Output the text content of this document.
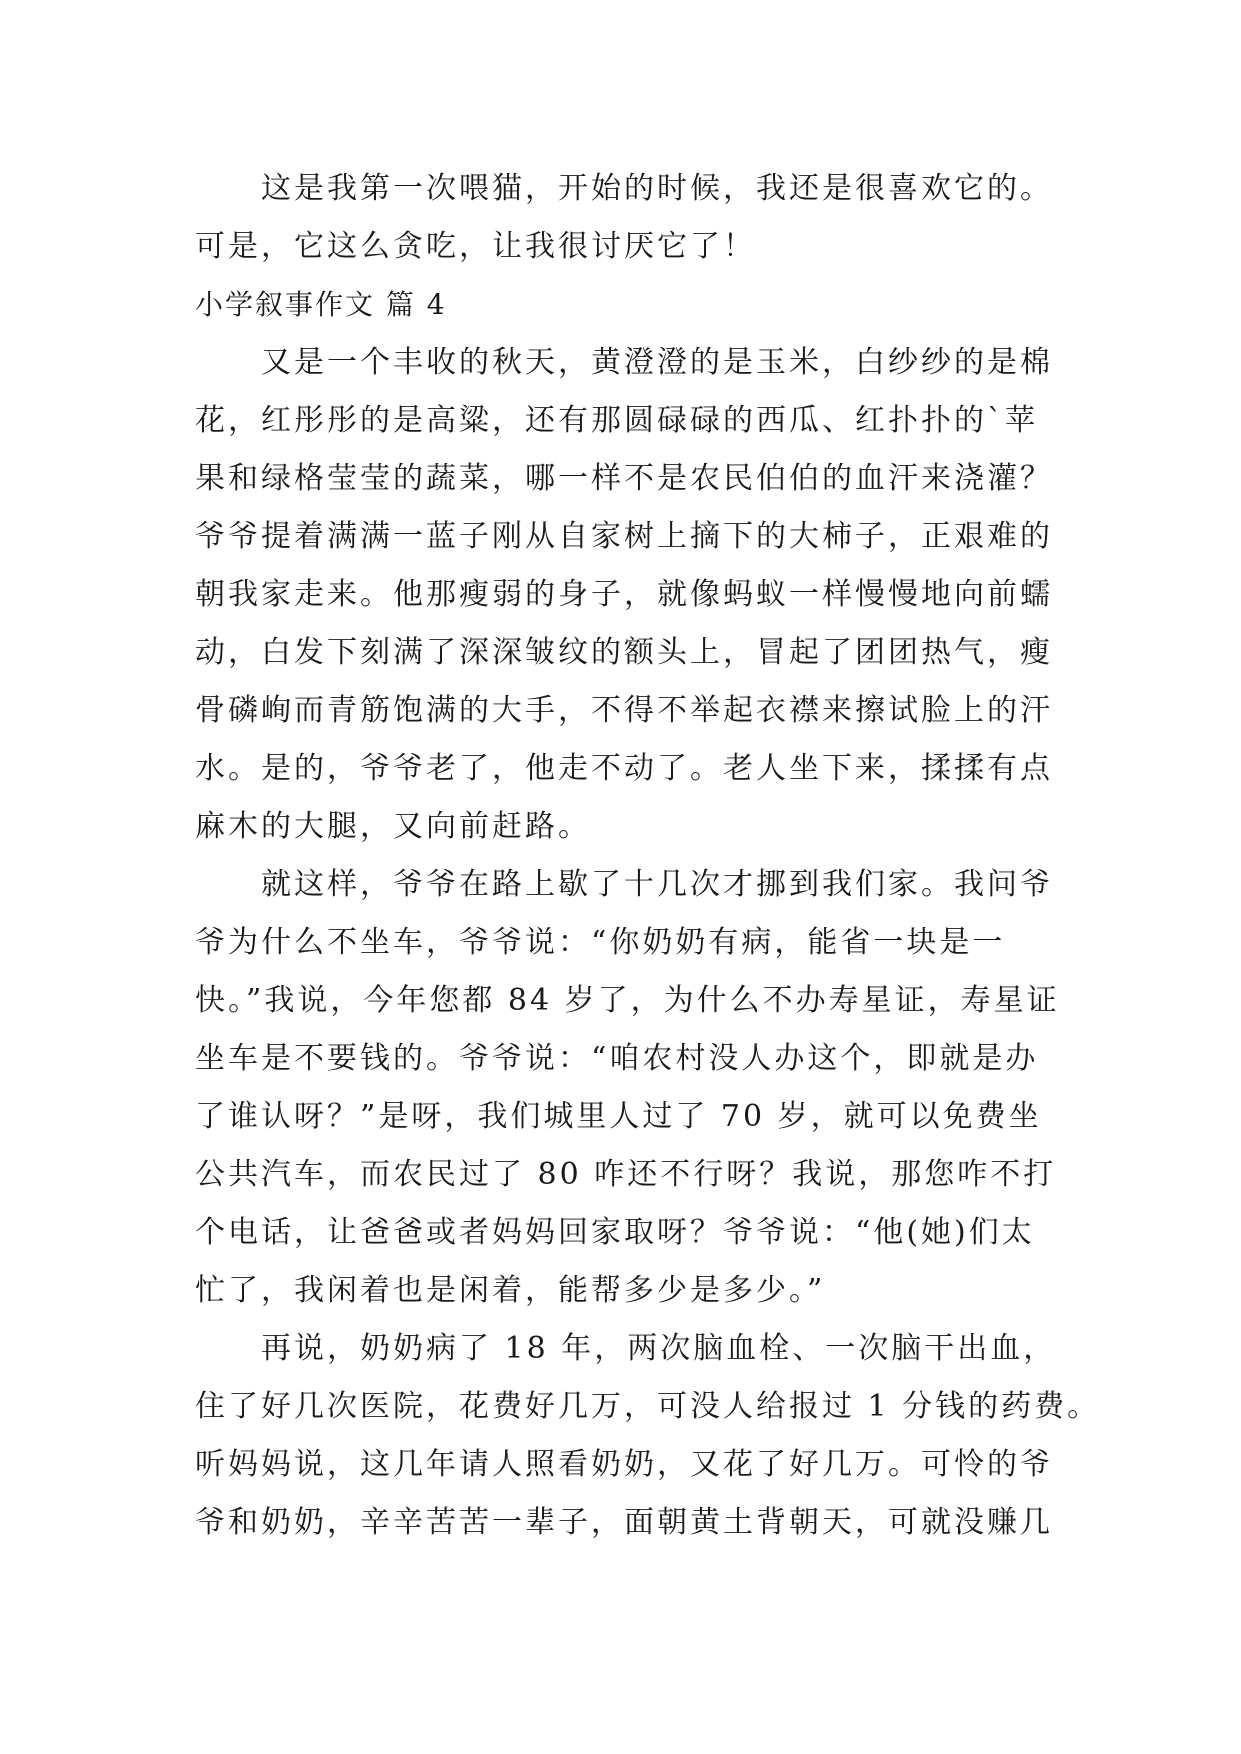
这是我第一次喂猫，开始的时候，我还是很喜欢它的。
可是，它这么贪吃，让我很讨厌它了！

小学叙事作文 篇 4

又是一个丰收的秋天，黄澄澄的是玉米，白纱纱的是棉
花，红彤彤的是高粱，还有那圆碌碌的西瓜、红扑扑的`苹
果和绿格莹莹的蔬菜，哪一样不是农民伯伯的血汗来浇灌？
爷爷提着满满一蓝子刚从自家树上摘下的大柿子，正艰难的
朝我家走来。他那瘦弱的身子，就像蚂蚁一样慢慢地向前蠕
动，白发下刻满了深深皱纹的额头上，冒起了团团热气，瘦
骨磷峋而青筋饱满的大手，不得不举起衣襟来擦试脸上的汗
水。是的，爷爷老了，他走不动了。老人坐下来，揉揉有点
麻木的大腿，又向前赶路。

就这样，爷爷在路上歇了十几次才挪到我们家。我问爷
爷为什么不坐车，爷爷说：“你奶奶有病，能省一块是一
快。”我说，今年您都 84 岁了，为什么不办寿星证，寿星证
坐车是不要钱的。爷爷说：“咱农村没人办这个，即就是办
了谁认呀？”是呀，我们城里人过了 70 岁，就可以免费坐
公共汽车，而农民过了 80 咋还不行呀？我说，那您咋不打
个电话，让爸爸或者妈妈回家取呀？爷爷说：“他(她)们太
忙了，我闲着也是闲着，能帮多少是多少。”

再说，奶奶病了 18 年，两次脑血栓、一次脑干出血，
住了好几次医院，花费好几万，可没人给报过 1 分钱的药费。
听妈妈说，这几年请人照看奶奶，又花了好几万。可怜的爷
爷和奶奶，辛辛苦苦一辈子，面朝黄土背朝天，可就没赚几
